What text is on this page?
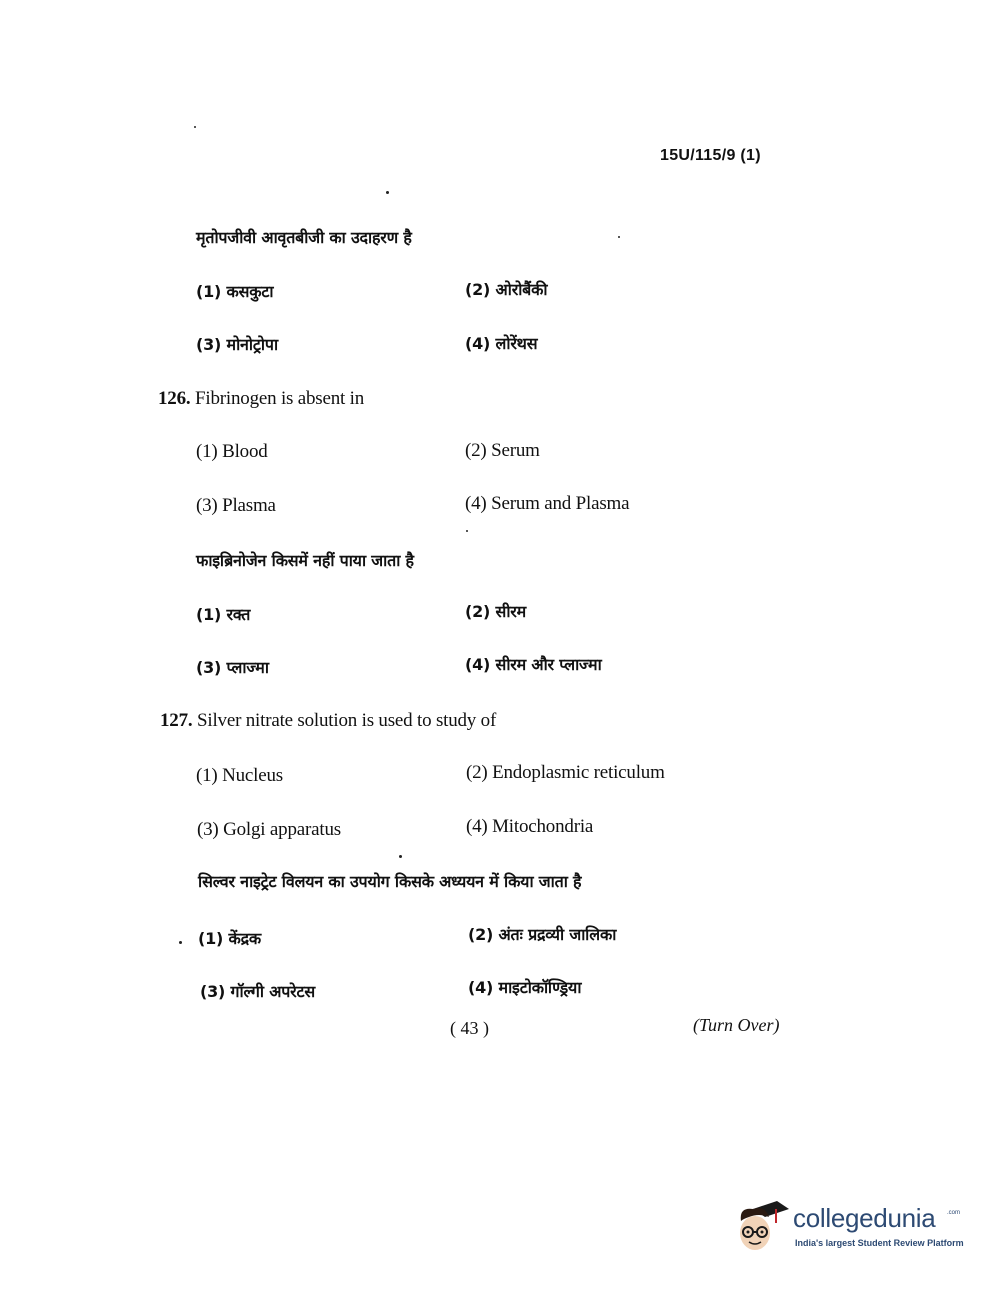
15U/115/9 (1)
मृतोपजीवी आवृतबीजी का उदाहरण है
(1) कसकुटा	(2) ओरोबैंकी
(3) मोनोट्रोपा	(4) लोरेंथस
126. Fibrinogen is absent in
(1) Blood	(2) Serum
(3) Plasma	(4) Serum and Plasma
फाइब्रिनोजेन किसमें नहीं पाया जाता है
(1) रक्त	(2) सीरम
(3) प्लाज्मा	(4) सीरम और प्लाज्मा
127. Silver nitrate solution is used to study of
(1) Nucleus	(2) Endoplasmic reticulum
(3) Golgi apparatus	(4) Mitochondria
सिल्वर नाइट्रेट विलयन का उपयोग किसके अध्ययन में किया जाता है
(1) केंद्रक	(2) अंतः प्रद्रव्यी जालिका
(3) गॉल्गी अपरेटस	(4) माइटोकॉण्ड्रिया
( 43 )	(Turn Over)
collegedunia .com
India's largest Student Review Platform
